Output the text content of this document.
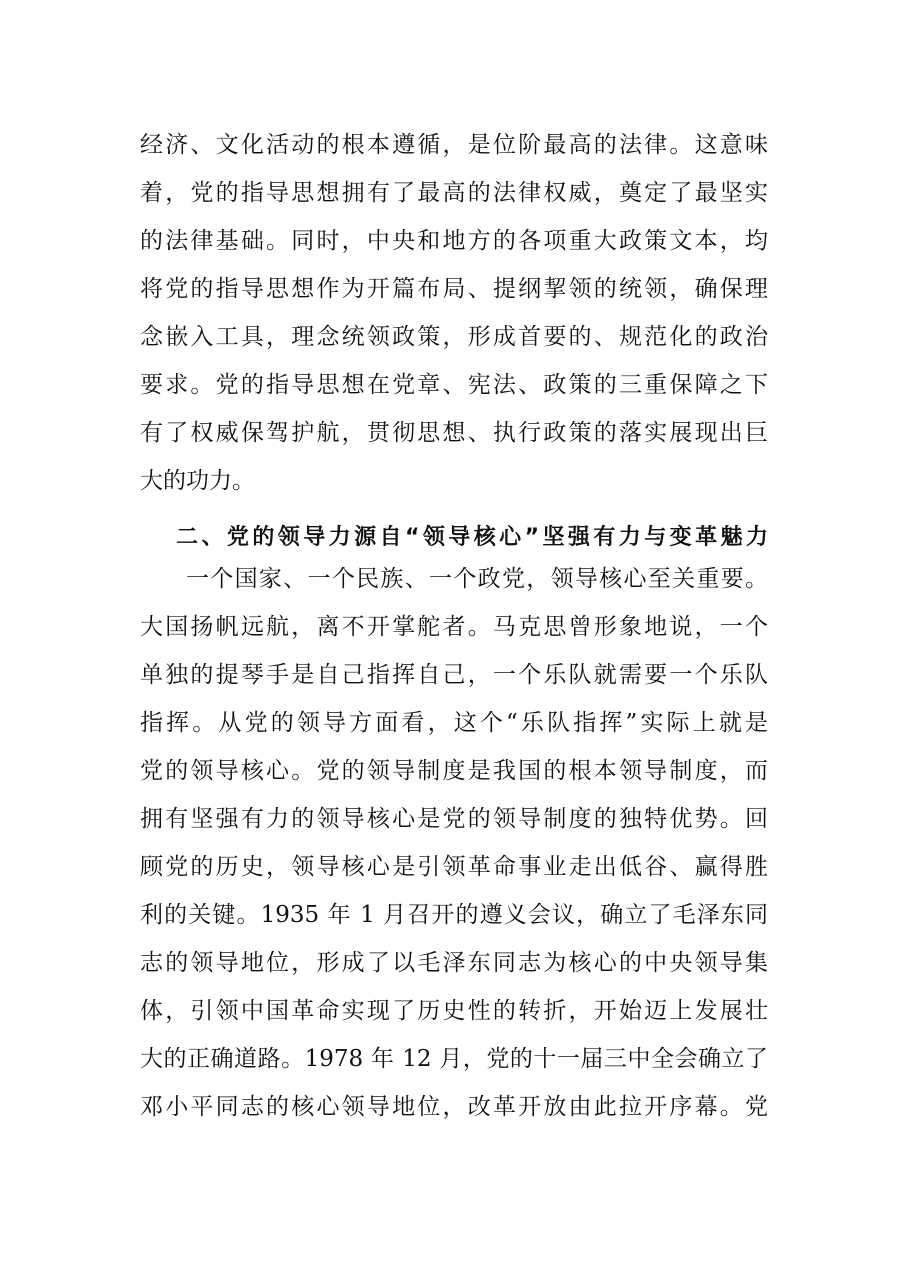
经济、文化活动的根本遵循，是位阶最高的法律。这意味
着，党的指导思想拥有了最高的法律权威，奠定了最坚实
的法律基础。同时，中央和地方的各项重大政策文本，均
将党的指导思想作为开篇布局、提纲挈领的统领，确保理
念嵌入工具，理念统领政策，形成首要的、规范化的政治
要求。党的指导思想在党章、宪法、政策的三重保障之下
有了权威保驾护航，贯彻思想、执行政策的落实展现出巨
大的功力。
二、党的领导力源自“领导核心”坚强有力与变革魅力
一个国家、一个民族、一个政党，领导核心至关重要。
大国扬帆远航，离不开掌舵者。马克思曾形象地说，一个
单独的提琴手是自己指挥自己，一个乐队就需要一个乐队
指挥。从党的领导方面看，这个“乐队指挥”实际上就是
党的领导核心。党的领导制度是我国的根本领导制度，而
拥有坚强有力的领导核心是党的领导制度的独特优势。回
顾党的历史，领导核心是引领革命事业走出低谷、赢得胜
利的关键。1935 年 1 月召开的遵义会议，确立了毛泽东同
志的领导地位，形成了以毛泽东同志为核心的中央领导集
体，引领中国革命实现了历史性的转折，开始迈上发展壮
大的正确道路。1978 年 12 月，党的十一届三中全会确立了
邓小平同志的核心领导地位，改革开放由此拉开序幕。党
